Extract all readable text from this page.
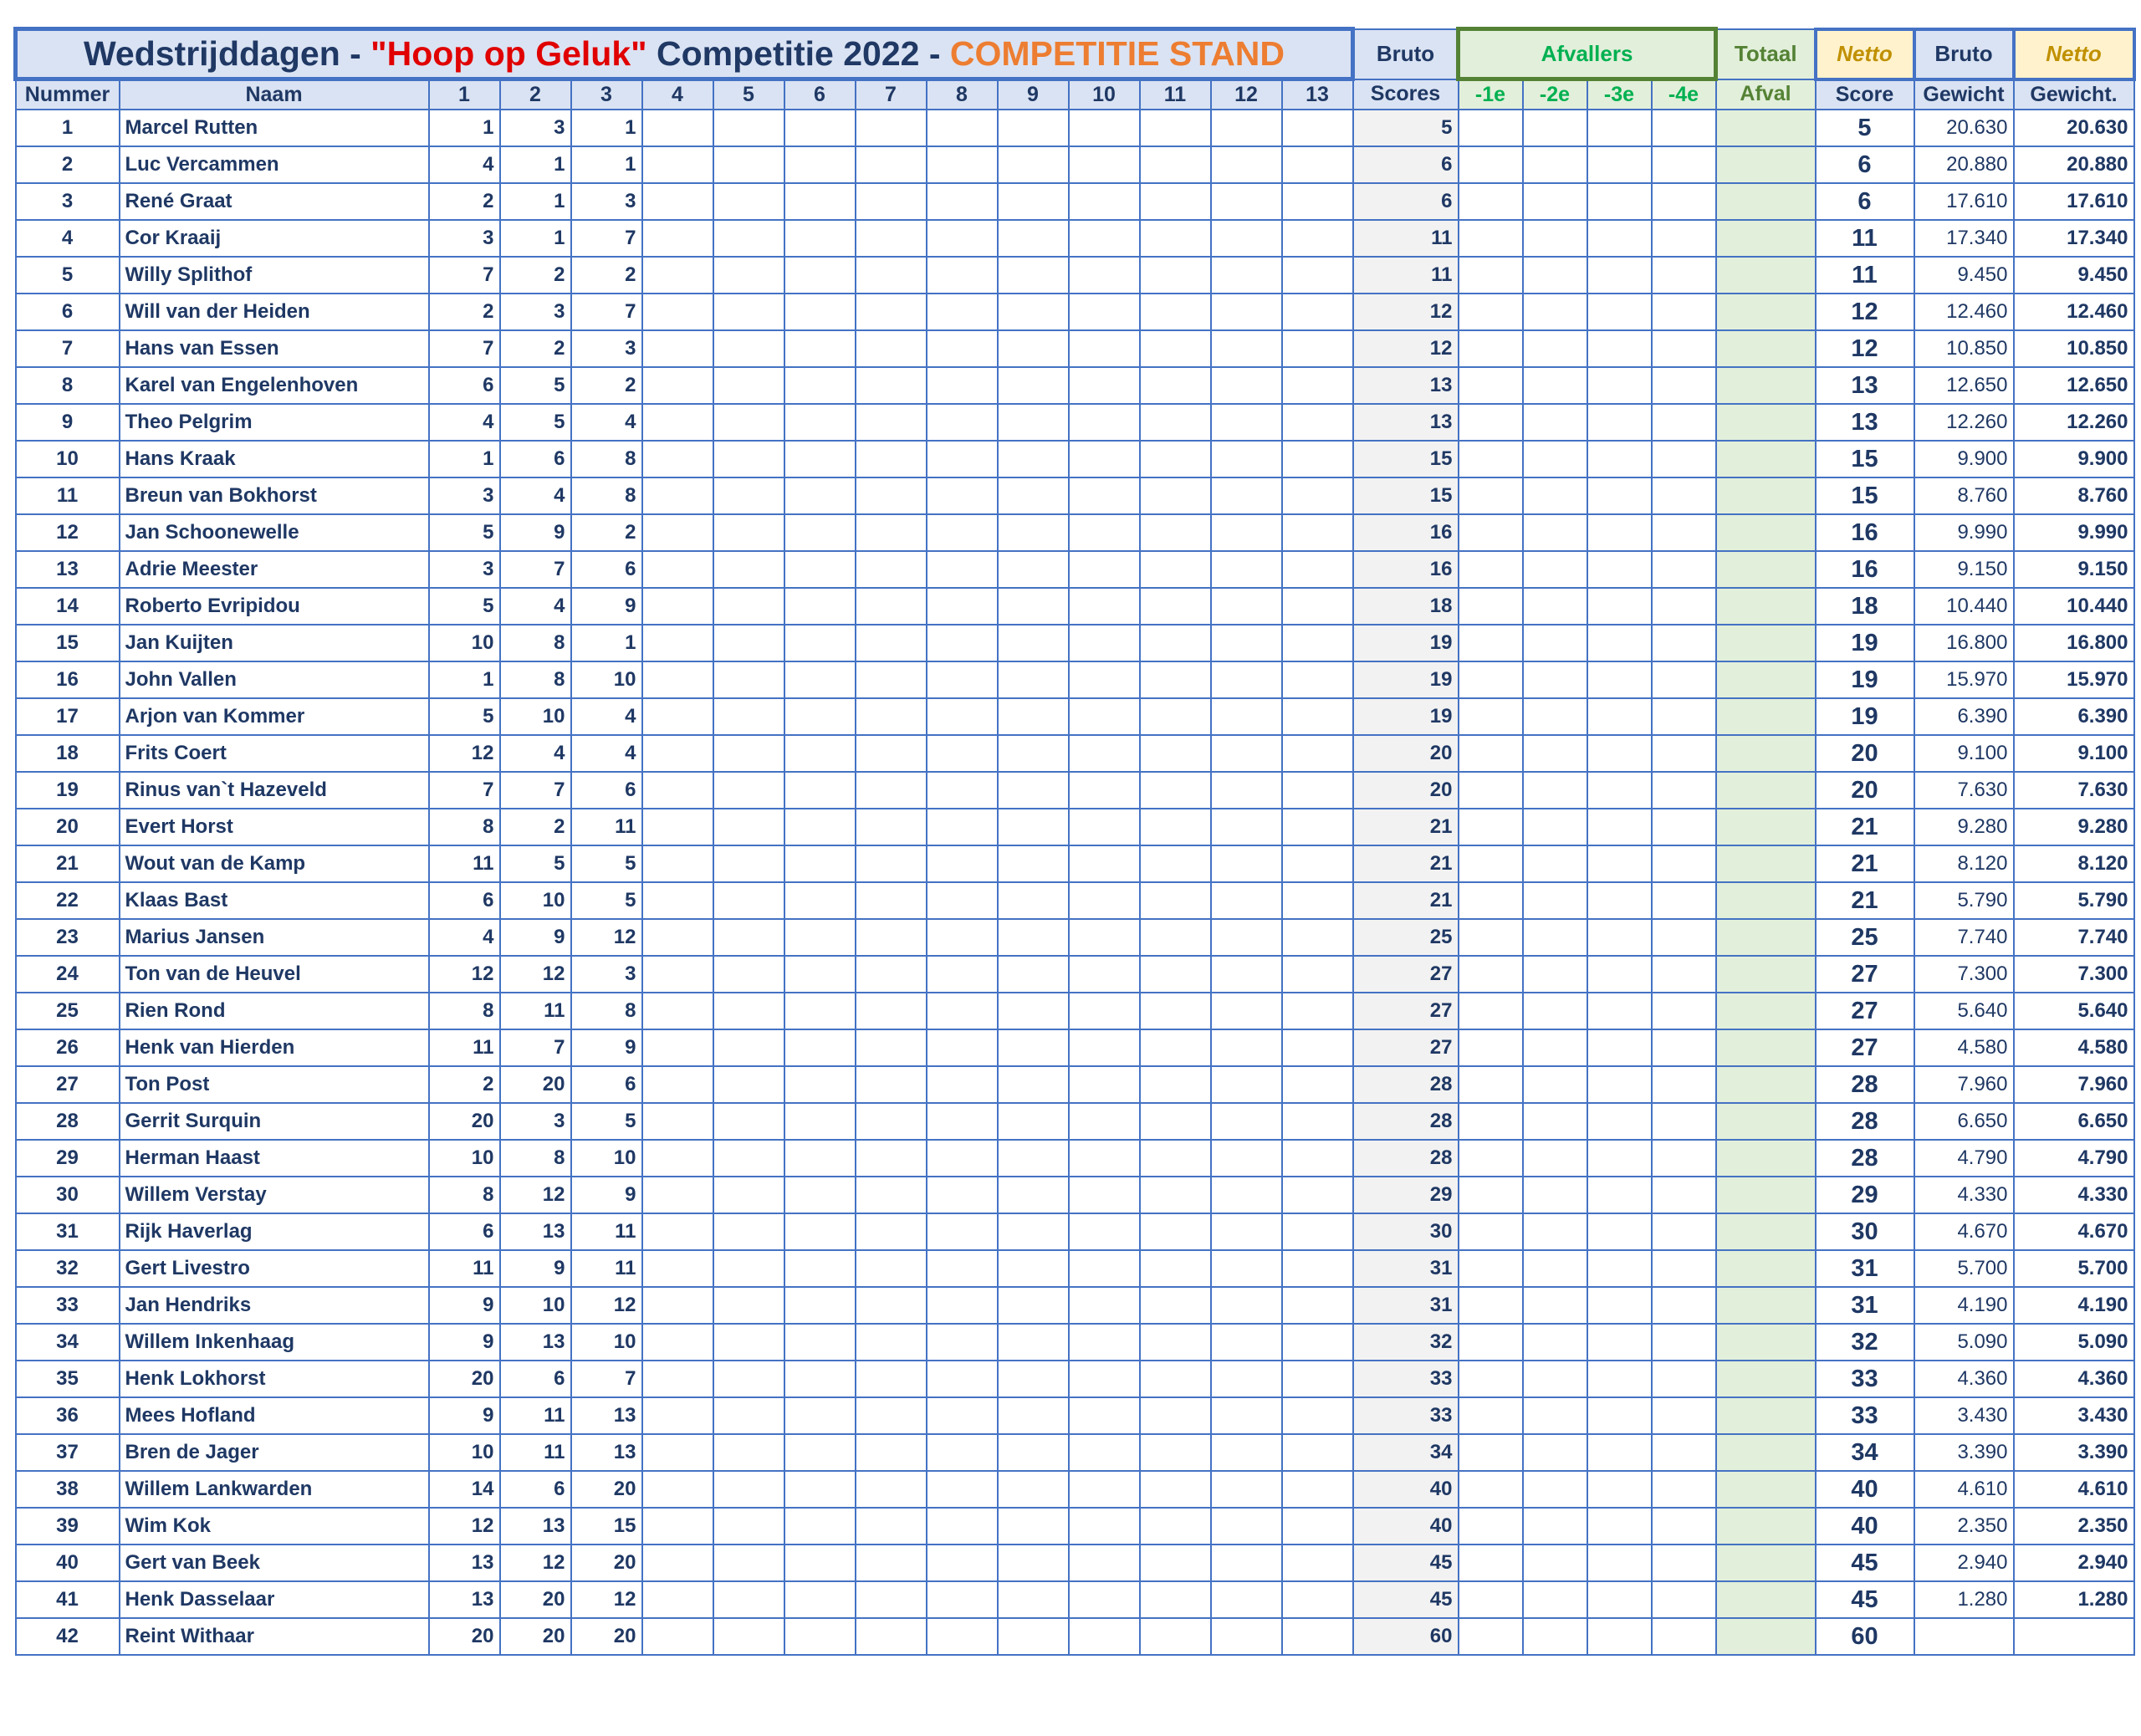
Wedstrijddagen - "Hoop op Geluk" Competitie 2022 - COMPETITIE STAND															Bruto	Afvallers				Totaal	Netto	Bruto	Netto
Nummer	Naam	1	2	3	4	5	6	7	8	9	10	11	12	13	Scores	-1e	-2e	-3e	-4e	Afval	Score	Gewicht	Gewicht.
1	Marcel Rutten	1	3	1											5						5	20.630	20.630
2	Luc Vercammen	4	1	1											6						6	20.880	20.880
3	René Graat	2	1	3											6						6	17.610	17.610
4	Cor Kraaij	3	1	7											11						11	17.340	17.340
5	Willy Splithof	7	2	2											11						11	9.450	9.450
6	Will van der Heiden	2	3	7											12						12	12.460	12.460
7	Hans van Essen	7	2	3											12						12	10.850	10.850
8	Karel van Engelenhoven	6	5	2											13						13	12.650	12.650
9	Theo Pelgrim	4	5	4											13						13	12.260	12.260
10	Hans Kraak	1	6	8											15						15	9.900	9.900
11	Breun van Bokhorst	3	4	8											15						15	8.760	8.760
12	Jan Schoonewelle	5	9	2											16						16	9.990	9.990
13	Adrie Meester	3	7	6											16						16	9.150	9.150
14	Roberto Evripidou	5	4	9											18						18	10.440	10.440
15	Jan Kuijten	10	8	1											19						19	16.800	16.800
16	John Vallen	1	8	10											19						19	15.970	15.970
17	Arjon van Kommer	5	10	4											19						19	6.390	6.390
18	Frits Coert	12	4	4											20						20	9.100	9.100
19	Rinus van`t Hazeveld	7	7	6											20						20	7.630	7.630
20	Evert Horst	8	2	11											21						21	9.280	9.280
21	Wout van de Kamp	11	5	5											21						21	8.120	8.120
22	Klaas Bast	6	10	5											21						21	5.790	5.790
23	Marius Jansen	4	9	12											25						25	7.740	7.740
24	Ton van de Heuvel	12	12	3											27						27	7.300	7.300
25	Rien Rond	8	11	8											27						27	5.640	5.640
26	Henk van Hierden	11	7	9											27						27	4.580	4.580
27	Ton Post	2	20	6											28						28	7.960	7.960
28	Gerrit Surquin	20	3	5											28						28	6.650	6.650
29	Herman Haast	10	8	10											28						28	4.790	4.790
30	Willem Verstay	8	12	9											29						29	4.330	4.330
31	Rijk Haverlag	6	13	11											30						30	4.670	4.670
32	Gert Livestro	11	9	11											31						31	5.700	5.700
33	Jan Hendriks	9	10	12											31						31	4.190	4.190
34	Willem Inkenhaag	9	13	10											32						32	5.090	5.090
35	Henk Lokhorst	20	6	7											33						33	4.360	4.360
36	Mees Hofland	9	11	13											33						33	3.430	3.430
37	Bren de Jager	10	11	13											34						34	3.390	3.390
38	Willem Lankwarden	14	6	20											40						40	4.610	4.610
39	Wim Kok	12	13	15											40						40	2.350	2.350
40	Gert van Beek	13	12	20											45						45	2.940	2.940
41	Henk Dasselaar	13	20	12											45						45	1.280	1.280
42	Reint Withaar	20	20	20											60						60		
